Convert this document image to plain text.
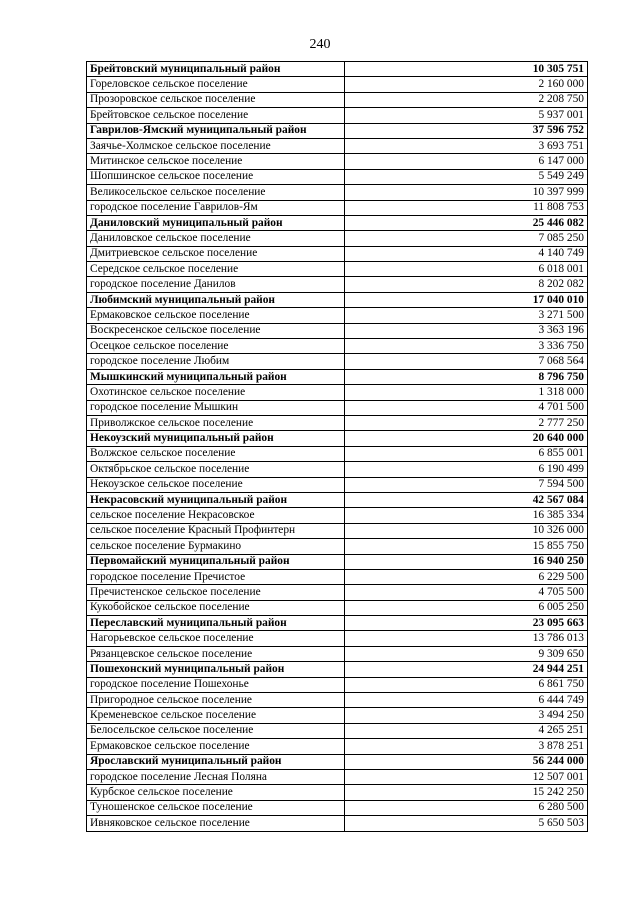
240
Брейтовский муниципальный район	10 305 751
Гореловское сельское поселение	2 160 000
Прозоровское сельское поселение	2 208 750
Брейтовское сельское поселение	5 937 001
Гаврилов-Ямский муниципальный район	37 596 752
Заячье-Холмское сельское поселение	3 693 751
Митинское сельское поселение	6 147 000
Шопшинское сельское поселение	5 549 249
Великосельское сельское поселение	10 397 999
городское поселение Гаврилов-Ям	11 808 753
Даниловский муниципальный район	25 446 082
Даниловское сельское поселение	7 085 250
Дмитриевское сельское поселение	4 140 749
Середское сельское поселение	6 018 001
городское поселение Данилов	8 202 082
Любимский муниципальный район	17 040 010
Ермаковское сельское поселение	3 271 500
Воскресенское сельское поселение	3 363 196
Осецкое сельское поселение	3 336 750
городское поселение Любим	7 068 564
Мышкинский муниципальный район	8 796 750
Охотинское сельское поселение	1 318 000
городское поселение Мышкин	4 701 500
Приволжское сельское поселение	2 777 250
Некоузский муниципальный район	20 640 000
Волжское сельское поселение	6 855 001
Октябрьское сельское поселение	6 190 499
Некоузское сельское поселение	7 594 500
Некрасовский муниципальный район	42 567 084
сельское поселение Некрасовское	16 385 334
сельское поселение Красный Профинтерн	10 326 000
сельское поселение Бурмакино	15 855 750
Первомайский муниципальный район	16 940 250
городское поселение Пречистое	6 229 500
Пречистенское сельское поселение	4 705 500
Кукобойское сельское поселение	6 005 250
Переславский муниципальный район	23 095 663
Нагорьевское сельское поселение	13 786 013
Рязанцевское сельское поселение	9 309 650
Пошехонский муниципальный район	24 944 251
городское поселение Пошехонье	6 861 750
Пригородное сельское поселение	6 444 749
Кременевское сельское поселение	3 494 250
Белосельское сельское поселение	4 265 251
Ермаковское сельское поселение	3 878 251
Ярославский муниципальный район	56 244 000
городское поселение Лесная Поляна	12 507 001
Курбское сельское поселение	15 242 250
Туношенское сельское поселение	6 280 500
Ивняковское сельское поселение	5 650 503
